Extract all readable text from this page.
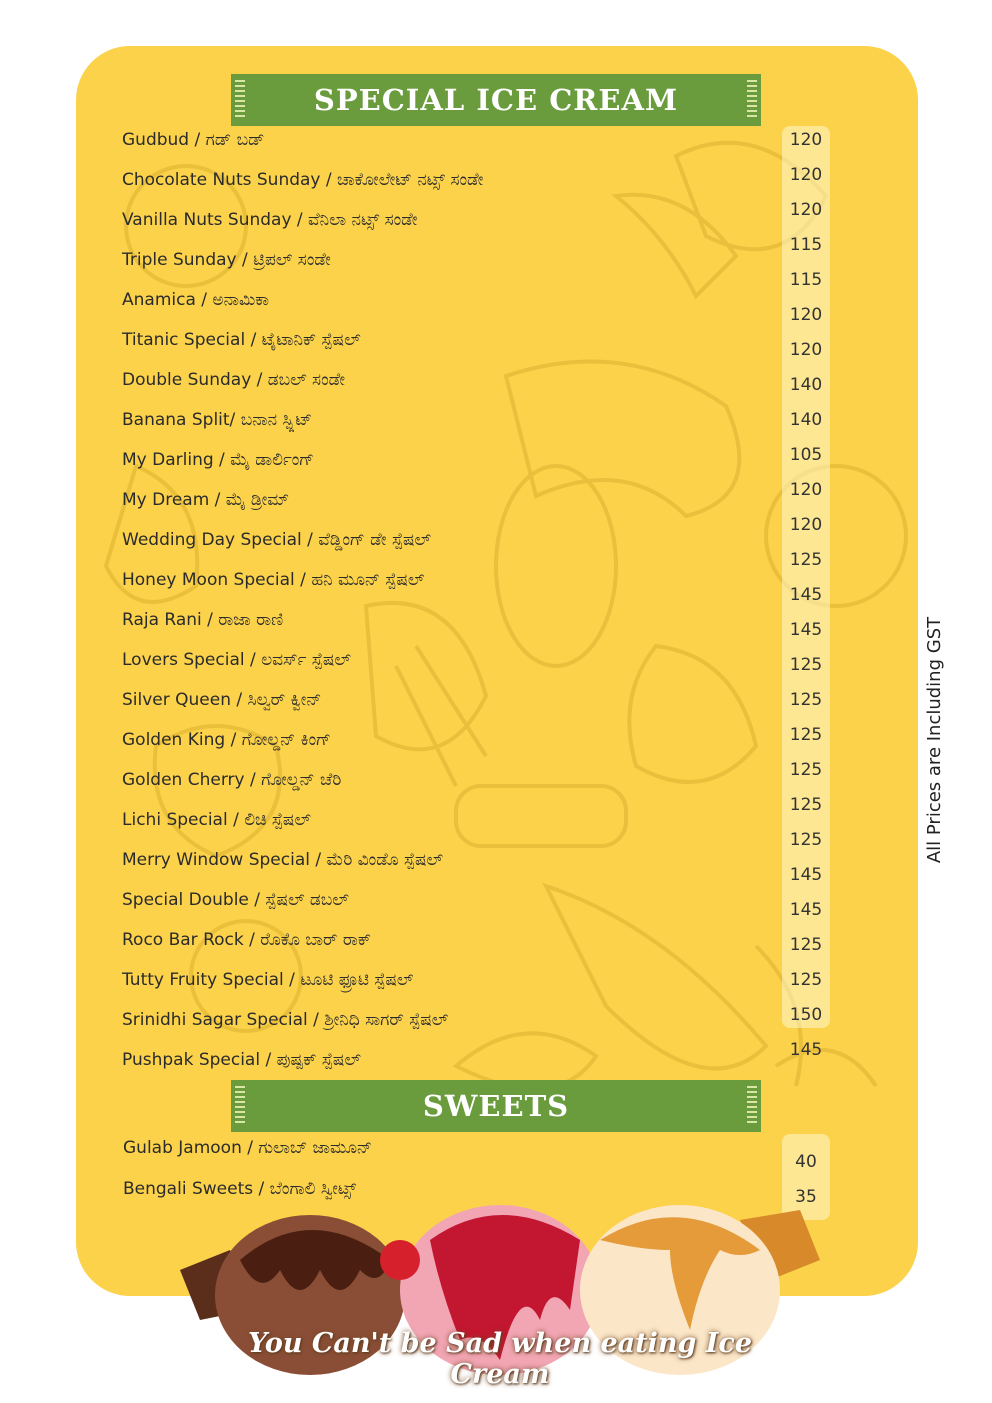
SPECIAL ICE CREAM
Gudbud / ಗಡ್ ಬಡ್
Chocolate Nuts Sunday / ಚಾಕೋಲೇಟ್ ನಟ್ಸ್ ಸಂಡೇ
Vanilla Nuts Sunday / ವೆನಿಲಾ ನಟ್ಸ್ ಸಂಡೇ
Triple Sunday / ಟ್ರಿಪಲ್ ಸಂಡೇ
Anamica / ಅನಾಮಿಕಾ
Titanic Special / ಟೈಟಾನಿಕ್ ಸ್ಪೆಷಲ್
Double Sunday / ಡಬಲ್ ಸಂಡೇ
Banana Split/ ಬನಾನ ಸ್ಪ್ಲಿಟ್
My Darling / ಮೈ ಡಾರ್ಲಿಂಗ್
My Dream / ಮೈ ಡ್ರೀಮ್
Wedding Day Special / ವೆಡ್ಡಿಂಗ್ ಡೇ ಸ್ಪೆಷಲ್
Honey Moon Special / ಹನಿ ಮೂನ್ ಸ್ಪೆಷಲ್
Raja Rani / ರಾಜಾ ರಾಣಿ
Lovers Special / ಲವರ್ಸ್ ಸ್ಪೆಷಲ್
Silver Queen / ಸಿಲ್ವರ್ ಕ್ವೀನ್
Golden King / ಗೋಲ್ಡನ್ ಕಿಂಗ್
Golden Cherry / ಗೋಲ್ಡನ್ ಚೆರಿ
Lichi Special / ಲಿಚಿ ಸ್ಪೆಷಲ್
Merry Window Special / ಮೆರಿ ವಿಂಡೊ ಸ್ಪೆಷಲ್
Special Double / ಸ್ಪೆಷಲ್ ಡಬಲ್
Roco Bar Rock / ರೊಕೊ ಬಾರ್ ರಾಕ್
Tutty Fruity Special / ಟೂಟಿ ಫ್ರೂಟಿ ಸ್ಪೆಷಲ್
Srinidhi Sagar Special / ಶ್ರೀನಿಧಿ ಸಾಗರ್ ಸ್ಪೆಷಲ್
Pushpak Special / ಪುಷ್ಪಕ್ ಸ್ಪೆಷಲ್
120
120
120
115
115
120
120
140
140
105
120
120
125
145
145
125
125
125
125
125
125
145
145
125
125
150
145
SWEETS
Gulab Jamoon / ಗುಲಾಬ್ ಜಾಮೂನ್
Bengali Sweets / ಬೆಂಗಾಲಿ ಸ್ವೀಟ್ಸ್
40
35
All Prices are Including GST
You Can't be Sad when eating Ice Cream
